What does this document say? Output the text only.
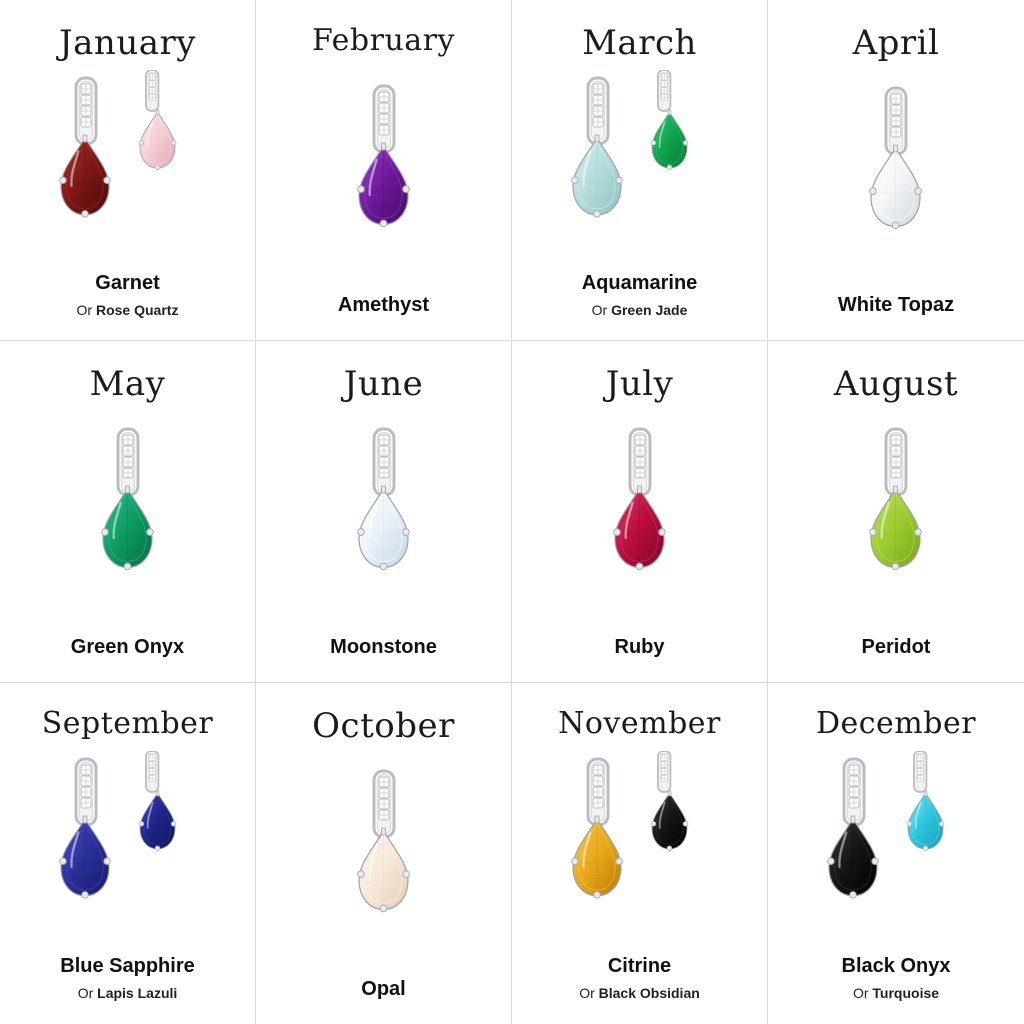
January
Garnet
Or Rose Quartz
February
Amethyst
March
Aquamarine
Or Green Jade
April
White Topaz
May
Green Onyx
June
Moonstone
July
Ruby
August
Peridot
September
Blue Sapphire
Or Lapis Lazuli
October
Opal
November
Citrine
Or Black Obsidian
December
Black Onyx
Or Turquoise
